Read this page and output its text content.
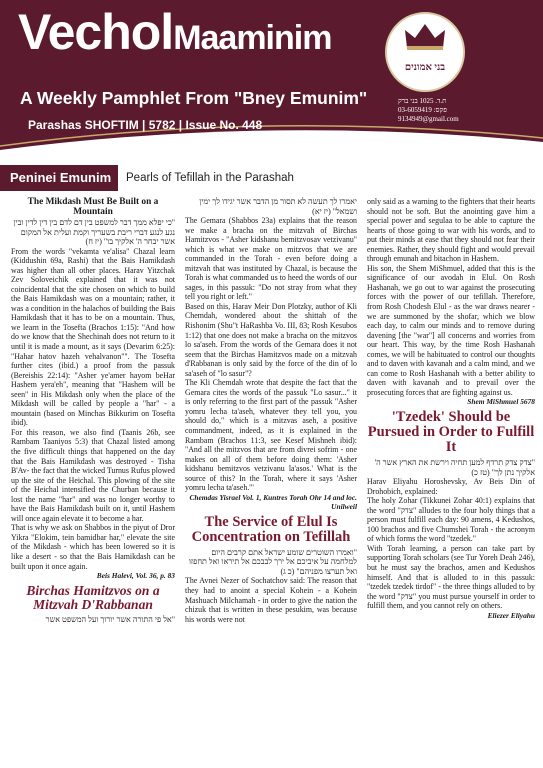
VecholMaaminim
A Weekly Pamphlet From "Bney Emunim"
Parashas SHOFTIM | 5782 | Issue No. 448
בני אמונים
ת.ד. 1025 בני ברק
פקס: 03-6059419
9134949@gmail.com
Peninei Emunim	Pearls of Tefillah in the Parashah
The Mikdash Must Be Built on a Mountain

"כי יפלא ממך דבר למשפט בין דם לדם בין דין לדין ובין נגע לנגע דברי ריבת בשעריך וקמת ועלית אל המקום אשר יבחר ה' אלקיך בו" (יז ח)

From the words "vekamta ve'alisa" Chazal learn (Kiddushin 69a, Rashi) that the Bais Hamikdash was higher than all other places. Harav Yitzchak Zev Soloveichik explained that it was not coincidental that the site chosen on which to build the Bais Hamikdash was on a mountain; rather, it was a condition in the halachos of building the Bais Hamikdash that it has to be on a mountain. Thus, we learn in the Tosefta (Brachos 1:15): "And how do we know that the Shechinah does not return to it until it is made a mount, as it says (Devarim 6:25): "Hahar hatov hazeh vehalvanon"". The Tosefta further cites (ibid.) a proof from the passuk (Bereishis 22:14): "Asher ye'amer hayom beHar Hashem yera'eh", meaning that "Hashem will be seen" in His Mikdash only when the place of the Mikdash will be called by people a "har" - a mountain (based on Minchas Bikkurim on Tosefta ibid).

For this reason, we also find (Taanis 26b, see Rambam Taaniyos 5:3) that Chazal listed among the five difficult things that happened on the day that the Bais Hamikdash was destroyed - Tisha B'Av- the fact that the wicked Turnus Rufus plowed up the site of the Heichal. This plowing of the site of the Heichal intensified the Churban because it lost the name "har" and was no longer worthy to have the Bais Hamikdash built on it, until Hashem will once again elevate it to become a har.

That is why we ask on Shabbos in the piyut of Dror Yikra "Elokim, tein bamidbar har," elevate the site of the Mikdash - which has been lowered so it is like a desert - so that the Bais Hamikdash can be built upon it once again.

Beis Halevi, Vol. 36, p. 83

Birchas Hamitzvos on a Mitzvah D'Rabbanan

"אל פי התורה אשר יורוך ועל המשפט אשר

יאמרו לך תעשה לא תסור מן הדבר אשר יגידו לך ימין ושמאל" (יז יא)

The Gemara (Shabbos 23a) explains that the reason we make a bracha on the mitzvah of Birchas Hamitzvos - "Asher kidshanu bemitzvosav vetzivanu" which is what we make on mitzvos that we are commanded in the Torah - even before doing a mitzvah that was instituted by Chazal, is because the Torah is what commanded us to heed the words of our sages, in this passuk: "Do not stray from what they tell you right or left."

Based on this, Harav Meir Don Plotzky, author of Kli Chemdah, wondered about the shittah of the Rishonim (Shu"t HaRashba Vo. III, 83; Rosh Kesubos 1:12) that one does not make a bracha on the mitzvos lo sa'aseh. From the words of the Gemara does it not seem that the Birchas Hamitzvos made on a mitzvah d'Rabbanan is only said by the force of the din of lo sa'aseh of "lo sasur"?

The Kli Chemdah wrote that despite the fact that the Gemara cites the words of the passuk "Lo sasur..." it is only referring to the first part of the passuk "Asher yomru lecha ta'aseh, whatever they tell you, you should do," which is a mitzvas aseh, a positive commandment, indeed, as it is explained in the Rambam (Brachos 11:3, see Kesef Mishneh ibid): "And all the mitzvos that are from divrei sofrim - one makes on all of them before doing them: 'Asher kidshanu bemitzvos vetzivanu la'asos.' What is the source of this? In the Torah, where it says 'Asher yomru lecha ta'aseh.'"

Chemdas Yisrael Vol. 1, Kuntres Torah Ohr 14 and loc. Unilweil

The Service of Elul Is Concentration on Tefillah

"ואמרו השוטרים שומע ישראל אתם קרבים היום למלחמה על איביכם אל ירך לבבכם אל תיראו ואל תחפזו ואל תערצו מפניהם" (כ ג)

The Avnei Nezer of Sochatchov said: The reason that they had to anoint a special Kohein - a Kohein Mashuach Milchamah - in order to give the nation the chizuk that is written in these pesukim, was because his words were not

only said as a warning to the fighters that their hearts should not be soft. But the anointing gave him a special power and segulaa to be able to capture the hearts of those going to war with his words, and to put their minds at ease that they should not fear their enemies. Rather, they should fight and would prevail through emunah and bitachon in Hashem.

His son, the Shem MiShmuel, added that this is the significance of our avodah in Elul. On Rosh Hashanah, we go out to war against the prosecuting forces with the power of our tefillah. Therefore, from Rosh Chodesh Elul - as the war draws nearer - we are summoned by the shofar, which we blow each day, to calm our minds and to remove during davening [the "war"] all concerns and worries from our heart. This way, by the time Rosh Hashanah comes, we will be habituated to control our thoughts and to daven with kavanah and a calm mind, and we can come to Rosh Hashanah with a better ability to daven with kavanah and to prevail over the prosecuting forces that are fighting against us.

Shem MiShmuel 5678

'Tzedek' Should be Pursued in Order to Fulfill It

"צדק צדק תרדף למען תחיה וירשת את הארץ אשר ה' אלקיך נתן לך" (טז כ)

Harav Eliyahu Horoshevsky, Av Beis Din of Drohobich, explained:

The holy Zohar (Tikkunei Zohar 40:1) explains that the word "צדק" alludes to the four holy things that a person must fulfill each day: 90 amens, 4 Kedushos, 100 brachos and five Chumshei Torah - the acronym of which forms the word "tzedek."

With Torah learning, a person can take part by supporting Torah scholars (see Tur Yoreh Deah 246), but he must say the brachos, amen and Kedushos himself. And that is alluded to in this passuk: "tzedek tzedek tirdof" - the three things alluded to by the word "צדק" you must pursue yourself in order to fulfill them, and you cannot rely on others.

Eliezer Eliyahu
